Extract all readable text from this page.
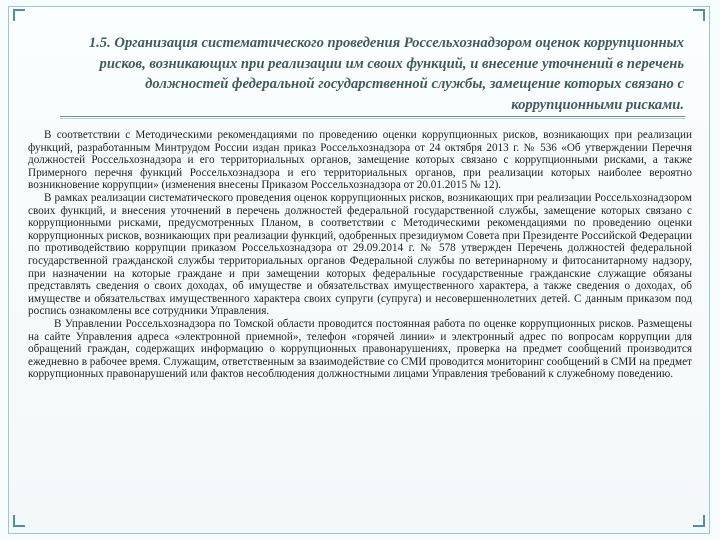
1.5. Организация систематического проведения Россельхознадзором оценок коррупционных рисков, возникающих при реализации им своих функций, и внесение уточнений в перечень должностей федеральной государственной службы, замещение которых связано с коррупционными рисками.

В соответствии с Методическими рекомендациями по проведению оценки коррупционных рисков, возникающих при реализации функций, разработанным Минтрудом России издан приказ Россельхознадзора от 24 октября 2013 г. № 536 «Об утверждении Перечня должностей Россельхознадзора и его территориальных органов, замещение которых связано с коррупционными рисками, а также Примерного перечня функций Россельхознадзора и его территориальных органов, при реализации которых наиболее вероятно возникновение коррупции» (изменения внесены Приказом Россельхознадзора от 20.01.2015 № 12).

В рамках реализации систематического проведения оценок коррупционных рисков, возникающих при реализации Россельхознадзором своих функций, и внесения уточнений в перечень должностей федеральной государственной службы, замещение которых связано с коррупционными рисками, предусмотренных Планом, в соответствии с Методическими рекомендациями по проведению оценки коррупционных рисков, возникающих при реализации функций, одобренных президиумом Совета при Президенте Российской Федерации по противодействию коррупции приказом Россельхознадзора от 29.09.2014 г. № 578 утвержден Перечень должностей федеральной государственной гражданской службы территориальных органов Федеральной службы по ветеринарному и фитосанитарному надзору, при назначении на которые граждане и при замещении которых федеральные государственные гражданские служащие обязаны представлять сведения о своих доходах, об имуществе и обязательствах имущественного характера, а также сведения о доходах, об имуществе и обязательствах имущественного характера своих супруги (супруга) и несовершеннолетних детей. С данным приказом под роспись ознакомлены все сотрудники Управления.

В Управлении Россельхознадзора по Томской области проводится постоянная работа по оценке коррупционных рисков. Размещены на сайте Управления адреса «электронной приемной», телефон «горячей линии» и электронный адрес по вопросам коррупции для обращений граждан, содержащих информацию о коррупционных правонарушениях, проверка на предмет сообщений производится ежедневно в рабочее время. Служащим, ответственным за взаимодействие со СМИ проводится мониторинг сообщений в СМИ на предмет коррупционных правонарушений или фактов несоблюдения должностными лицами Управления требований к служебному поведению.
